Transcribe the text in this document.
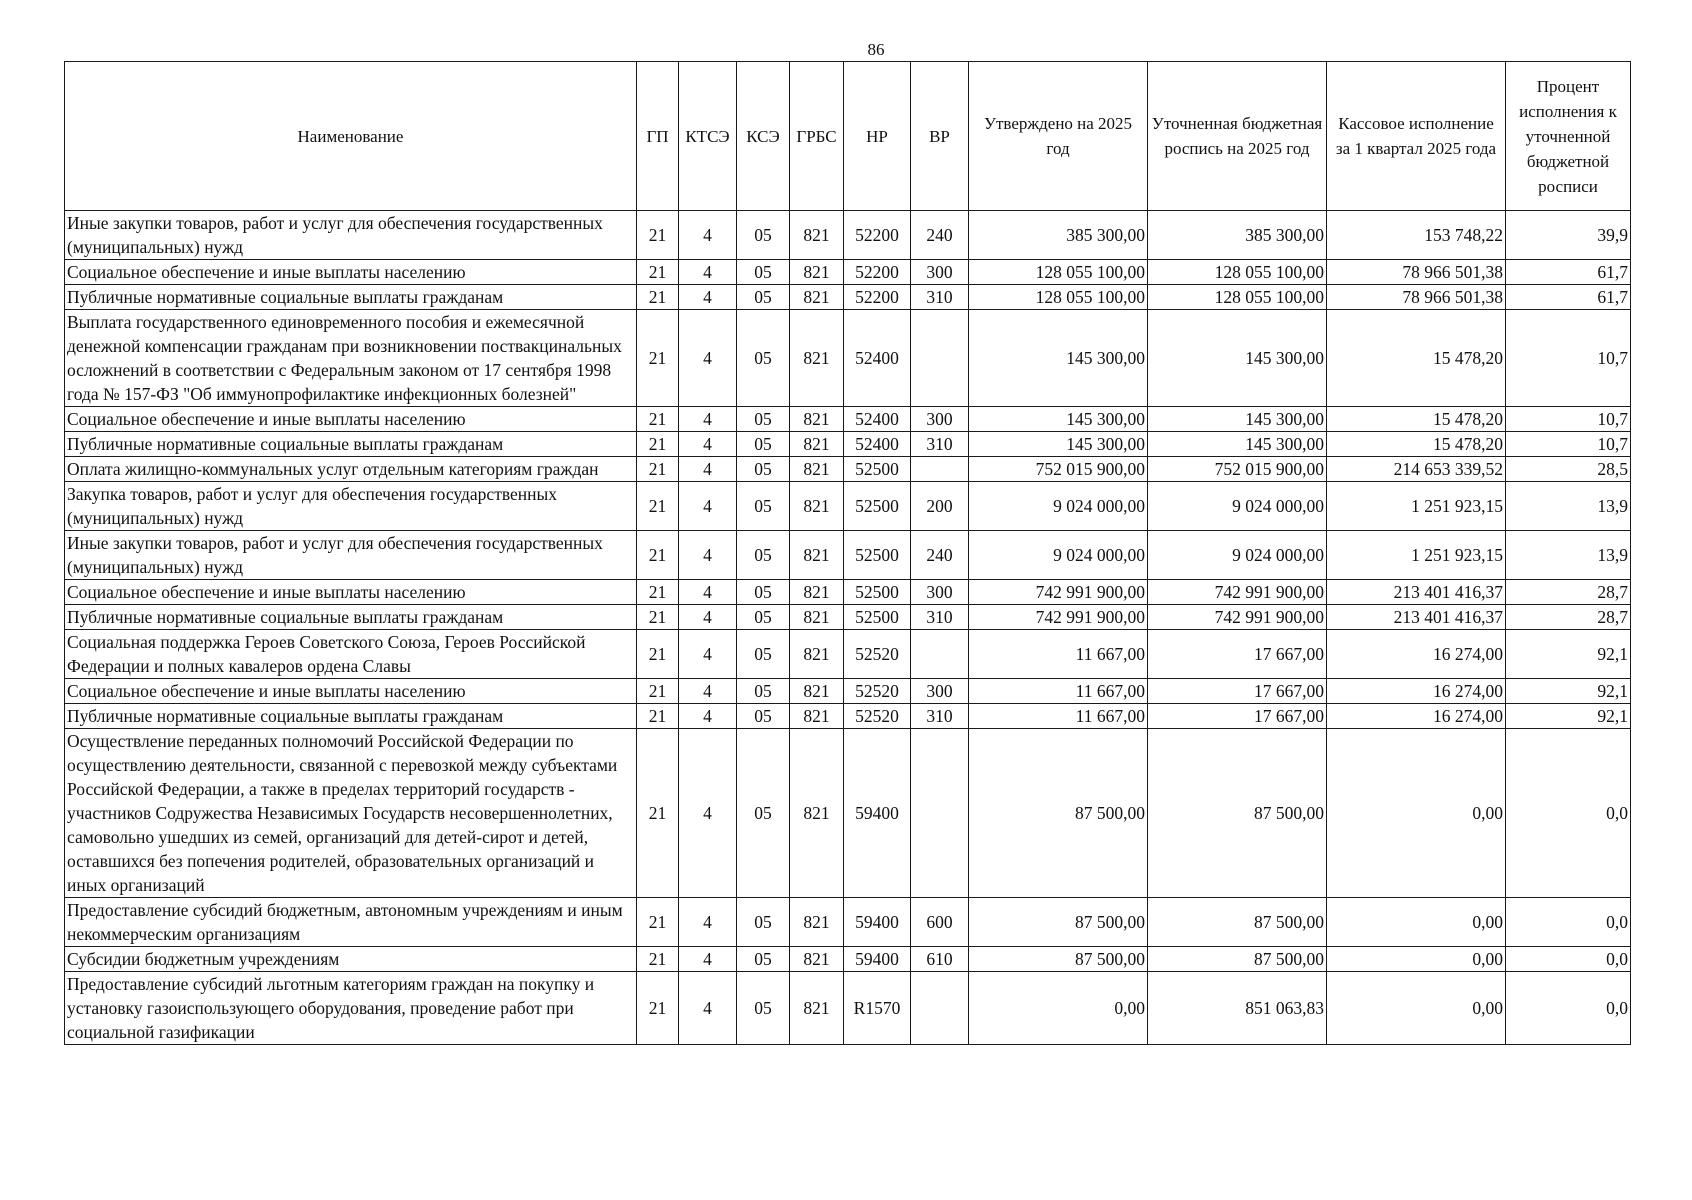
86
Наименование	ГП	КТСЭ	КСЭ	ГРБС	НР	ВР	Утверждено на 2025 год	Уточненная бюджетная роспись на 2025 год	Кассовое исполнение за 1 квартал 2025 года	Процент исполнения к уточненной бюджетной росписи
Иные закупки товаров, работ и услуг для обеспечения государственных (муниципальных) нужд	21	4	05	821	52200	240	385 300,00	385 300,00	153 748,22	39,9
Социальное обеспечение и иные выплаты населению	21	4	05	821	52200	300	128 055 100,00	128 055 100,00	78 966 501,38	61,7
Публичные нормативные социальные выплаты гражданам	21	4	05	821	52200	310	128 055 100,00	128 055 100,00	78 966 501,38	61,7
Выплата государственного единовременного пособия и ежемесячной денежной компенсации гражданам при возникновении поствакцинальных осложнений в соответствии с Федеральным законом от 17 сентября 1998 года № 157-ФЗ "Об иммунопрофилактике инфекционных болезней"	21	4	05	821	52400		145 300,00	145 300,00	15 478,20	10,7
Социальное обеспечение и иные выплаты населению	21	4	05	821	52400	300	145 300,00	145 300,00	15 478,20	10,7
Публичные нормативные социальные выплаты гражданам	21	4	05	821	52400	310	145 300,00	145 300,00	15 478,20	10,7
Оплата жилищно-коммунальных услуг отдельным категориям граждан	21	4	05	821	52500		752 015 900,00	752 015 900,00	214 653 339,52	28,5
Закупка товаров, работ и услуг для обеспечения государственных (муниципальных) нужд	21	4	05	821	52500	200	9 024 000,00	9 024 000,00	1 251 923,15	13,9
Иные закупки товаров, работ и услуг для обеспечения государственных (муниципальных) нужд	21	4	05	821	52500	240	9 024 000,00	9 024 000,00	1 251 923,15	13,9
Социальное обеспечение и иные выплаты населению	21	4	05	821	52500	300	742 991 900,00	742 991 900,00	213 401 416,37	28,7
Публичные нормативные социальные выплаты гражданам	21	4	05	821	52500	310	742 991 900,00	742 991 900,00	213 401 416,37	28,7
Социальная поддержка Героев Советского Союза, Героев Российской Федерации и полных кавалеров ордена Славы	21	4	05	821	52520		11 667,00	17 667,00	16 274,00	92,1
Социальное обеспечение и иные выплаты населению	21	4	05	821	52520	300	11 667,00	17 667,00	16 274,00	92,1
Публичные нормативные социальные выплаты гражданам	21	4	05	821	52520	310	11 667,00	17 667,00	16 274,00	92,1
Осуществление переданных полномочий Российской Федерации по осуществлению деятельности, связанной с перевозкой между субъектами Российской Федерации, а также в пределах территорий государств - участников Содружества Независимых Государств несовершеннолетних, самовольно ушедших из семей, организаций для детей-сирот и детей, оставшихся без попечения родителей, образовательных организаций и иных организаций	21	4	05	821	59400		87 500,00	87 500,00	0,00	0,0
Предоставление субсидий бюджетным, автономным учреждениям и иным некоммерческим организациям	21	4	05	821	59400	600	87 500,00	87 500,00	0,00	0,0
Субсидии бюджетным учреждениям	21	4	05	821	59400	610	87 500,00	87 500,00	0,00	0,0
Предоставление субсидий льготным категориям граждан на покупку и установку газоиспользующего оборудования, проведение работ при социальной газификации	21	4	05	821	R1570		0,00	851 063,83	0,00	0,0
